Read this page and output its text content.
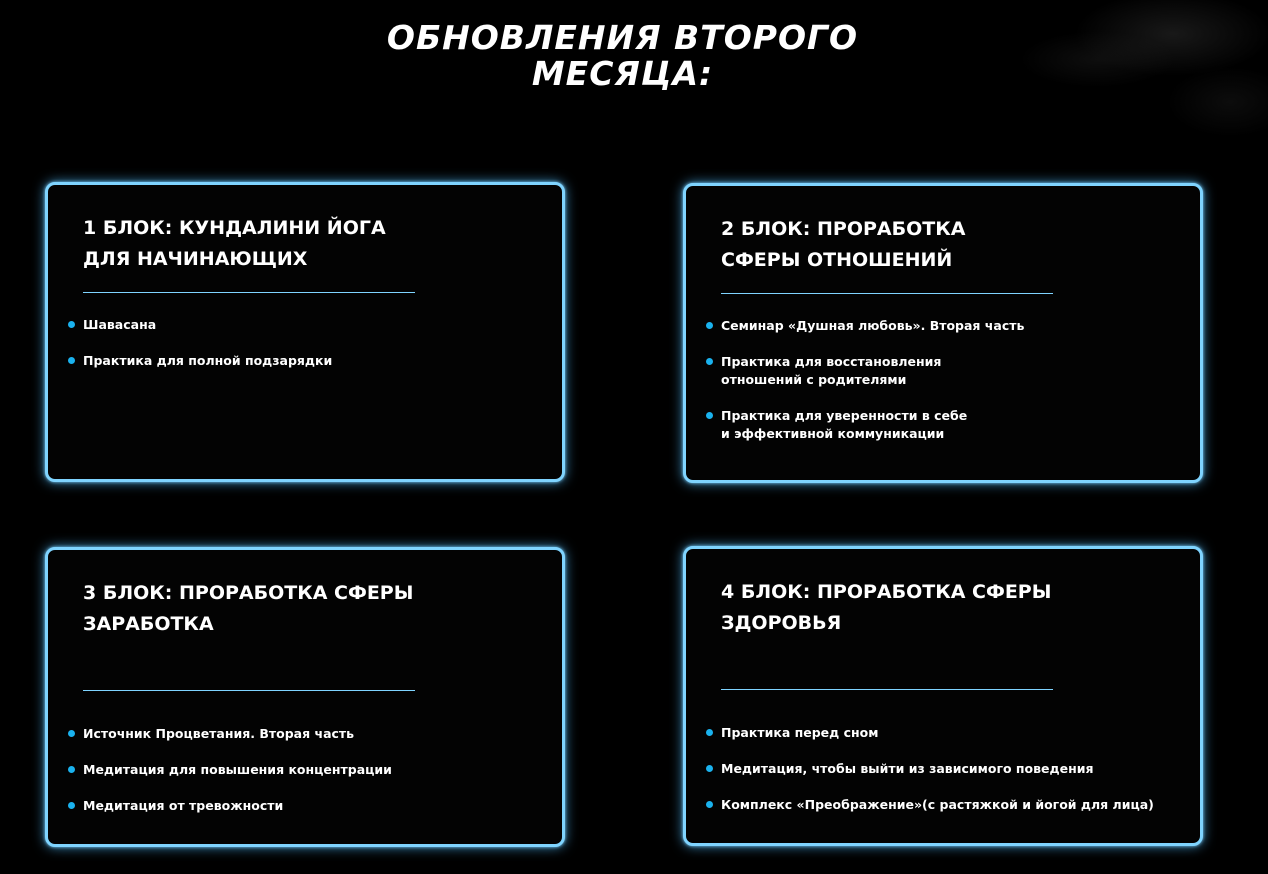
ОБНОВЛЕНИЯ ВТОРОГО
МЕСЯЦА:
1 БЛОК: КУНДАЛИНИ ЙОГА
ДЛЯ НАЧИНАЮЩИХ
Шавасана
Практика для полной подзарядки
2 БЛОК: ПРОРАБОТКА
СФЕРЫ ОТНОШЕНИЙ
Семинар «Душная любовь». Вторая часть
Практика для восстановления
отношений с родителями
Практика для уверенности в себе
и эффективной коммуникации
3 БЛОК: ПРОРАБОТКА СФЕРЫ
ЗАРАБОТКА
Источник Процветания. Вторая часть
Медитация для повышения концентрации
Медитация от тревожности
4 БЛОК: ПРОРАБОТКА СФЕРЫ
ЗДОРОВЬЯ
Практика перед сном
Медитация, чтобы выйти из зависимого поведения
Комплекс «Преображение»(с растяжкой и йогой для лица)
